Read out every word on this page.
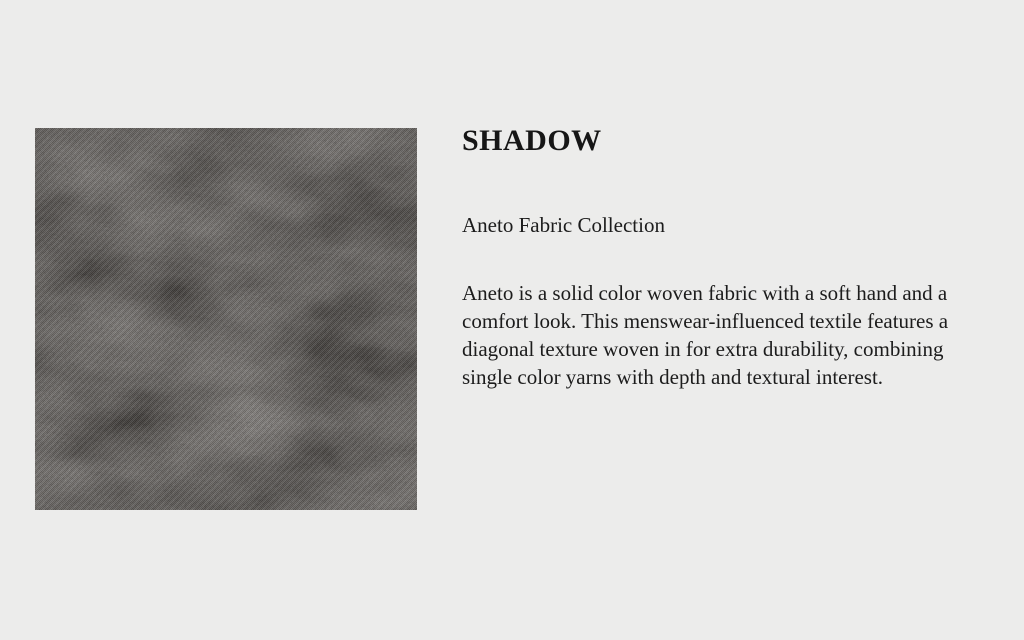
SHADOW

Aneto Fabric Collection

Aneto is a solid color woven fabric with a soft hand and a comfort look. This menswear-influenced textile features a diagonal texture woven in for extra durability, combining single color yarns with depth and textural interest.
